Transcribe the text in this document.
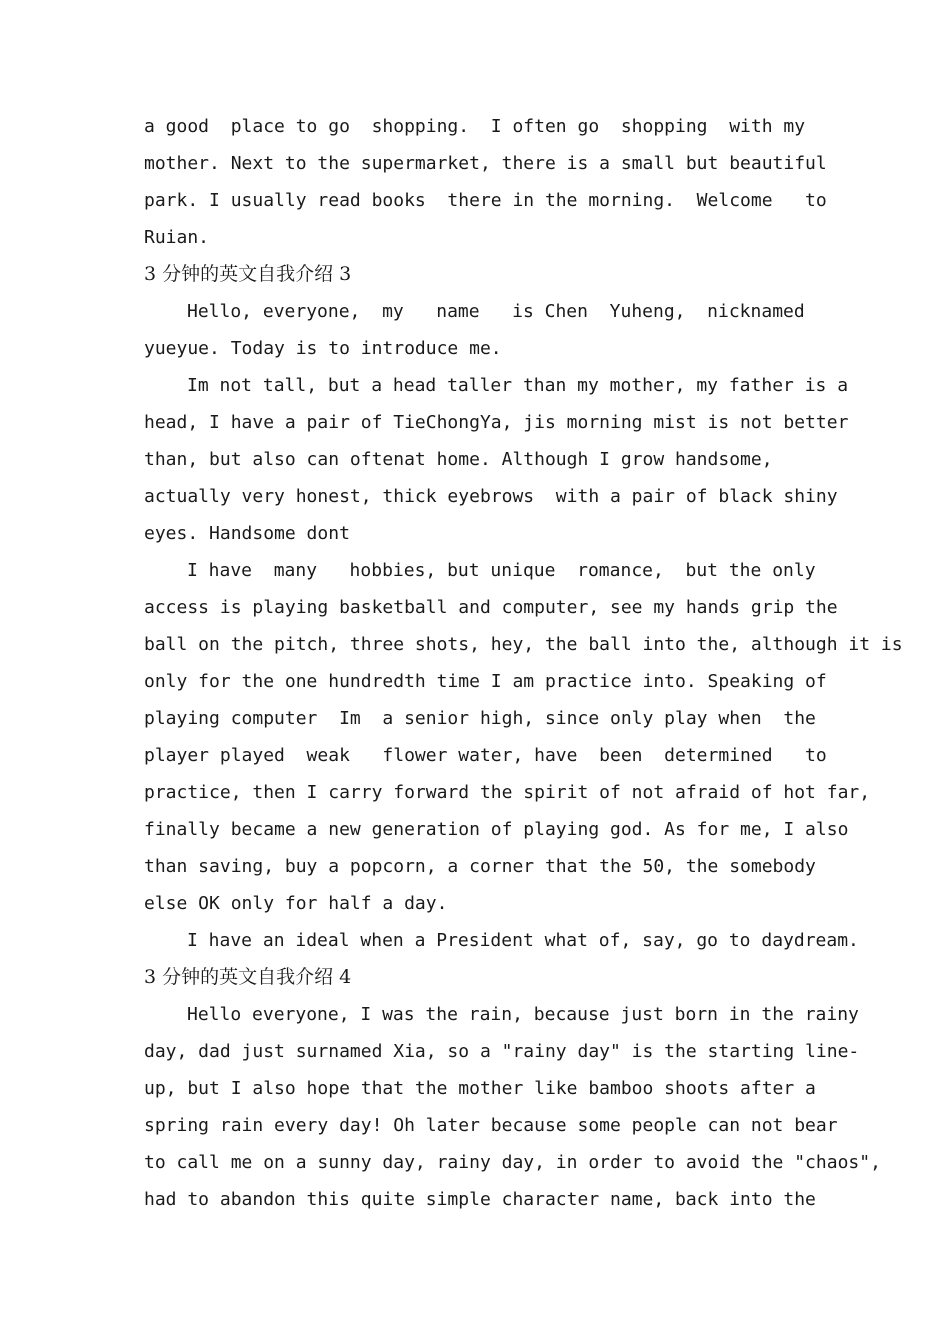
a good  place to go  shopping.  I often go  shopping  with my
mother. Next to the supermarket, there is a small but beautiful
park. I usually read books  there in the morning.  Welcome   to
Ruian.
3 分钟的英文自我介绍 3
Hello, everyone,  my   name   is Chen  Yuheng,  nicknamed
yueyue. Today is to introduce me.
Im not tall, but a head taller than my mother, my father is a
head, I have a pair of TieChongYa, jis morning mist is not better
than, but also can oftenat home. Although I grow handsome,
actually very honest, thick eyebrows  with a pair of black shiny
eyes. Handsome dont
I have  many   hobbies, but unique  romance,  but the only
access is playing basketball and computer, see my hands grip the
ball on the pitch, three shots, hey, the ball into the, although it is
only for the one hundredth time I am practice into. Speaking of
playing computer  Im  a senior high, since only play when  the
player played  weak   flower water, have  been  determined   to
practice, then I carry forward the spirit of not afraid of hot far,
finally became a new generation of playing god. As for me, I also
than saving, buy a popcorn, a corner that the 50, the somebody
else OK only for half a day.
I have an ideal when a President what of, say, go to daydream.
3 分钟的英文自我介绍 4
Hello everyone, I was the rain, because just born in the rainy
day, dad just surnamed Xia, so a "rainy day" is the starting line-
up, but I also hope that the mother like bamboo shoots after a
spring rain every day! Oh later because some people can not bear
to call me on a sunny day, rainy day, in order to avoid the "chaos",
had to abandon this quite simple character name, back into the
